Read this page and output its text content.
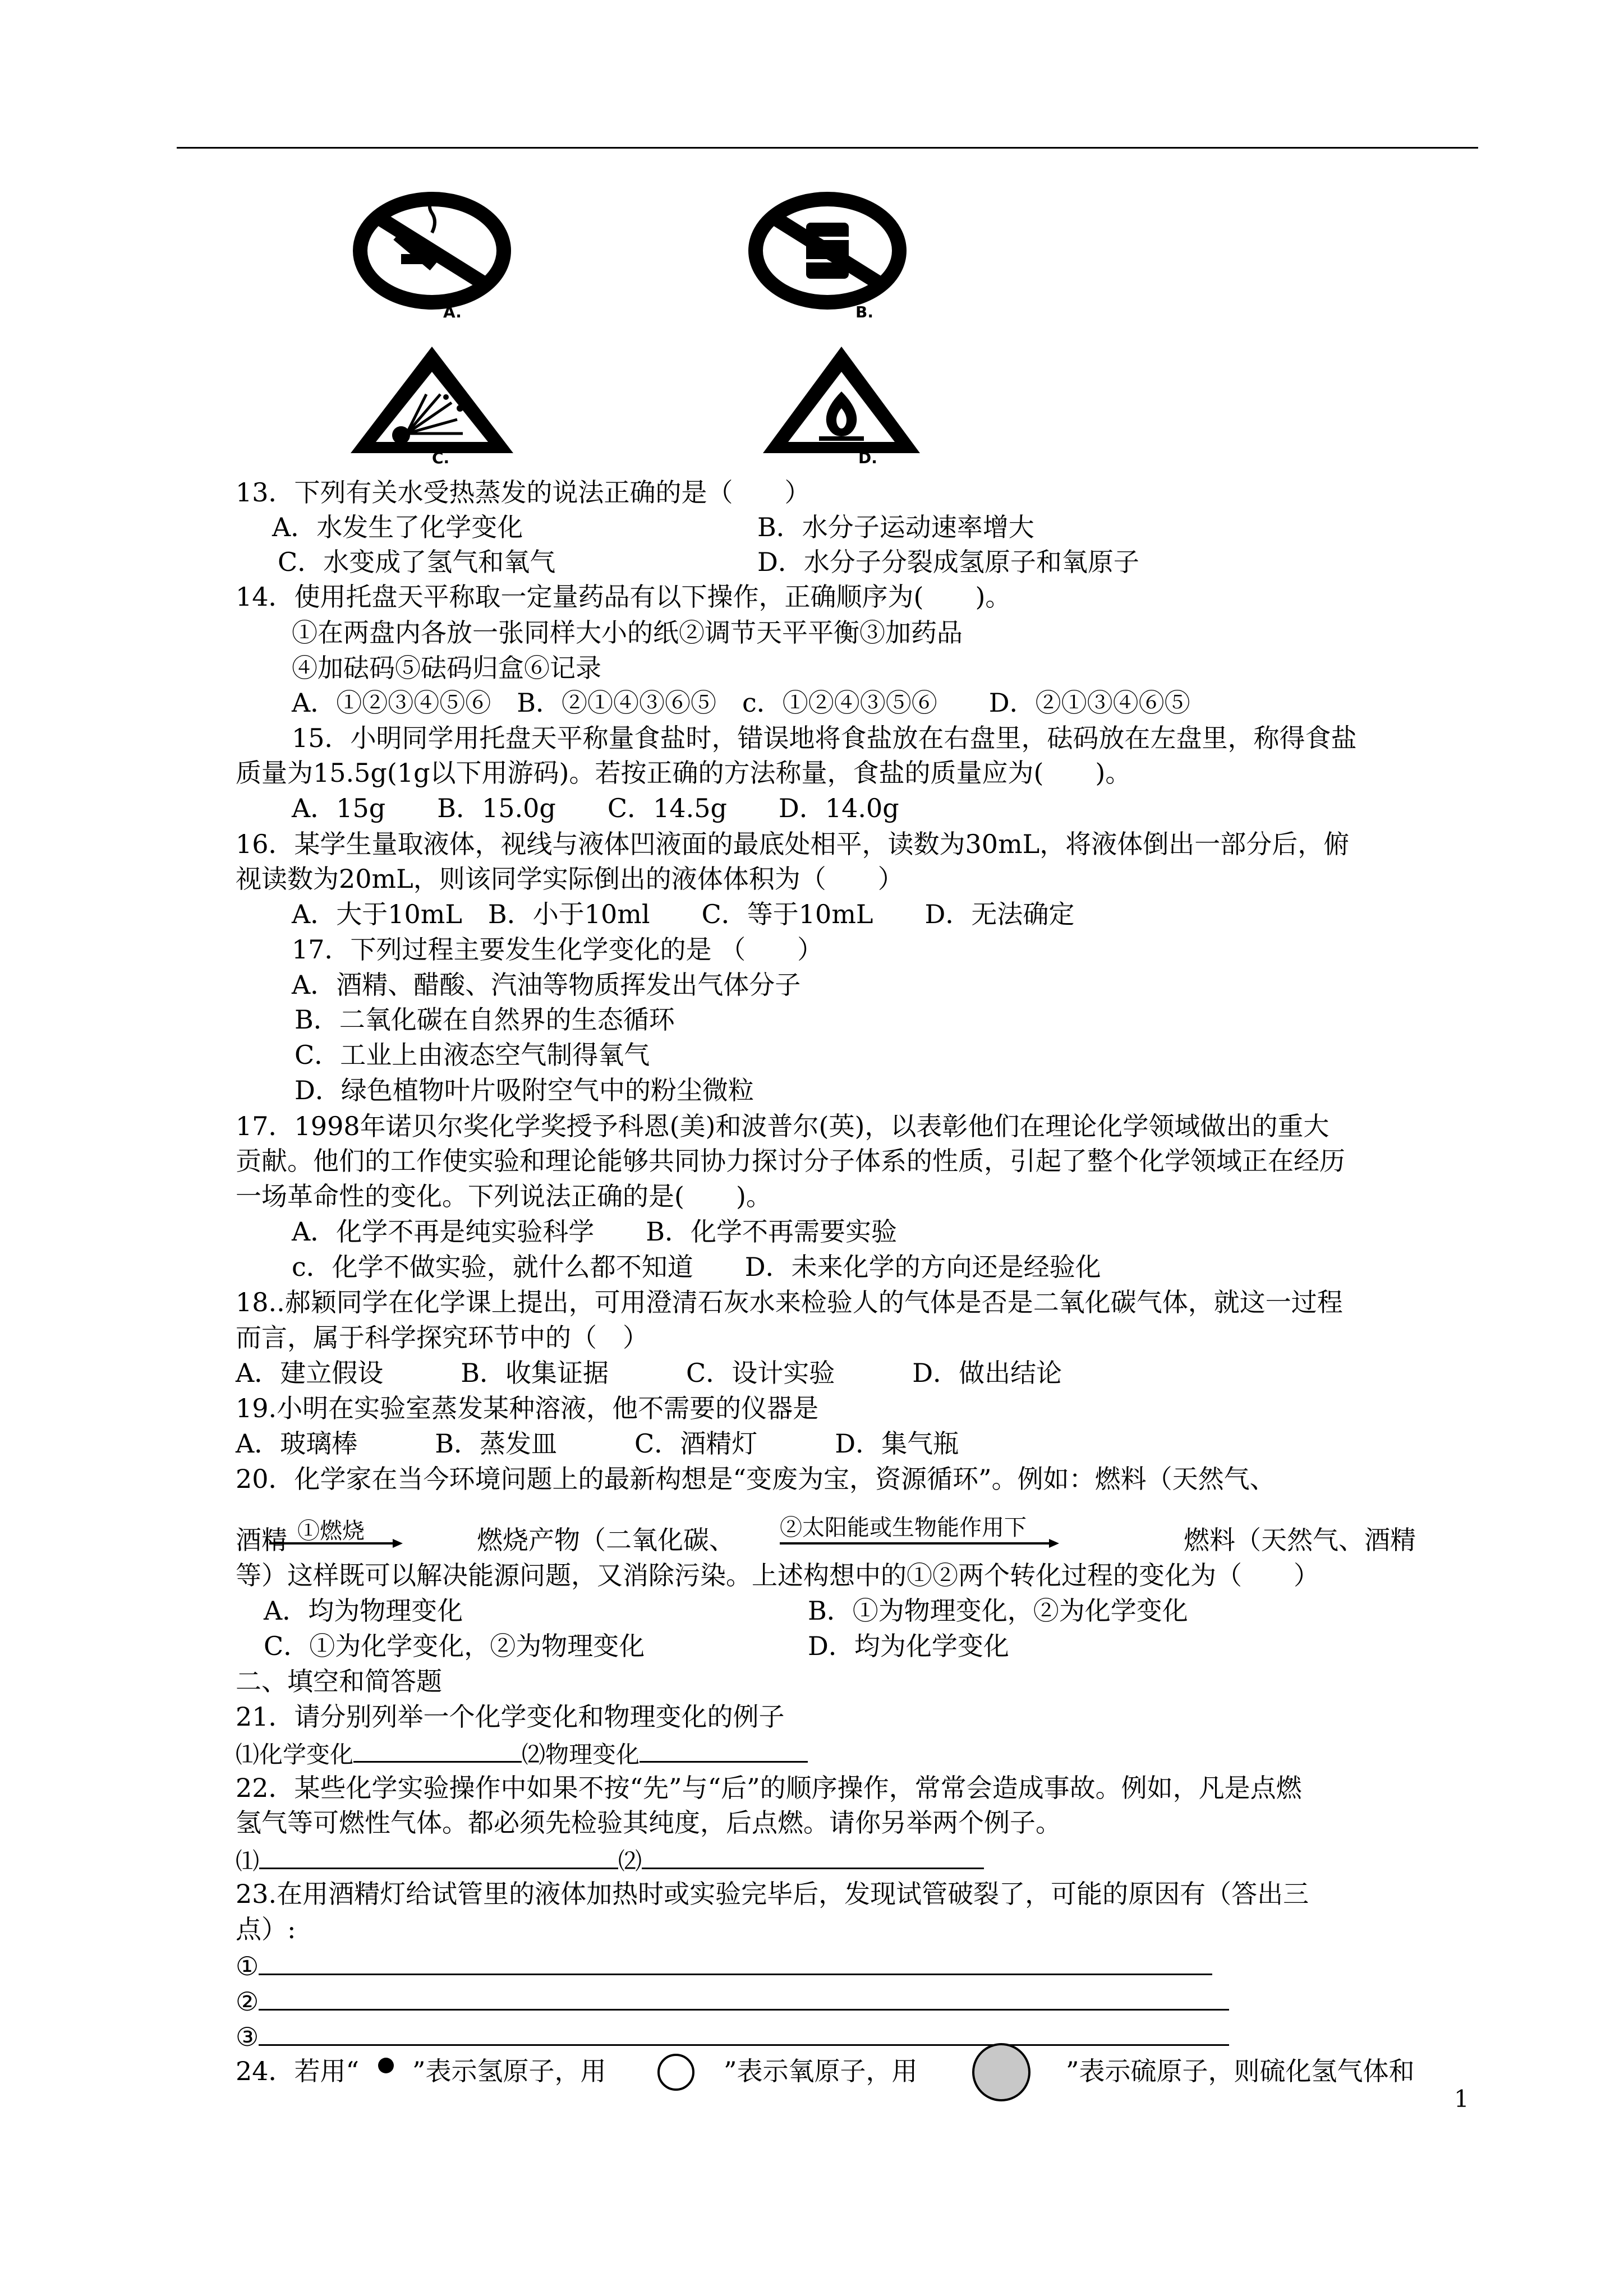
A.	B.
C.	D.
13．下列有关水受热蒸发的说法正确的是（　　）
A．水发生了化学变化	B．水分子运动速率增大
C．水变成了氢气和氧气	D．水分子分裂成氢原子和氧原子
14．使用托盘天平称取一定量药品有以下操作，正确顺序为(　　)。
①在两盘内各放一张同样大小的纸②调节天平平衡③加药品
④加砝码⑤砝码归盒⑥记录
A．①②③④⑤⑥　B．②①④③⑥⑤　c．①②④③⑤⑥　　D．②①③④⑥⑤
15．小明同学用托盘天平称量食盐时，错误地将食盐放在右盘里，砝码放在左盘里，称得食盐
质量为15.5g(1g以下用游码)。若按正确的方法称量，食盐的质量应为(　　)。
A．15g　　B．15.0g　　C．14.5g　　D．14.0g
16．某学生量取液体，视线与液体凹液面的最底处相平，读数为30mL，将液体倒出一部分后，俯
视读数为20mL，则该同学实际倒出的液体体积为（　　）
A．大于10mL　B．小于10ml　　C．等于10mL　　D．无法确定
17．下列过程主要发生化学变化的是 （　　）
A．酒精、醋酸、汽油等物质挥发出气体分子
B．二氧化碳在自然界的生态循环
C．工业上由液态空气制得氧气
D．绿色植物叶片吸附空气中的粉尘微粒
17．1998年诺贝尔奖化学奖授予科恩(美)和波普尔(英)，以表彰他们在理论化学领域做出的重大
贡献。他们的工作使实验和理论能够共同协力探讨分子体系的性质，引起了整个化学领域正在经历
一场革命性的变化。下列说法正确的是(　　)。
A．化学不再是纯实验科学　　B．化学不再需要实验
c．化学不做实验，就什么都不知道　　D．未来化学的方向还是经验化
18..郝颖同学在化学课上提出，可用澄清石灰水来检验人的气体是否是二氧化碳气体，就这一过程
而言，属于科学探究环节中的（　）
A．建立假设　　　B．收集证据　　　C．设计实验　　　D．做出结论
19.小明在实验室蒸发某种溶液，他不需要的仪器是
A．玻璃棒　　　B．蒸发皿　　　C．酒精灯　　　D．集气瓶
20．化学家在当今环境问题上的最新构想是“变废为宝，资源循环”。例如：燃料（天然气、
酒精 ①燃烧	燃烧产物（二氧化碳、 ②太阳能或生物能作用下	燃料（天然气、酒精
等）这样既可以解决能源问题，又消除污染。上述构想中的①②两个转化过程的变化为（　　）
A．均为物理变化	B．①为物理变化，②为化学变化
C．①为化学变化，②为物理变化	D．均为化学变化
二、填空和简答题
21．请分别列举一个化学变化和物理变化的例子
⑴化学变化	⑵物理变化
22．某些化学实验操作中如果不按“先”与“后”的顺序操作，常常会造成事故。例如，凡是点燃
氢气等可燃性气体。都必须先检验其纯度，后点燃。请你另举两个例子。
⑴	⑵
23.在用酒精灯给试管里的液体加热时或实验完毕后，发现试管破裂了，可能的原因有（答出三
点）:
①
②
③
24．若用“ ”表示氢原子，用	”表示氧原子，用	”表示硫原子，则硫化氢气体和
1
